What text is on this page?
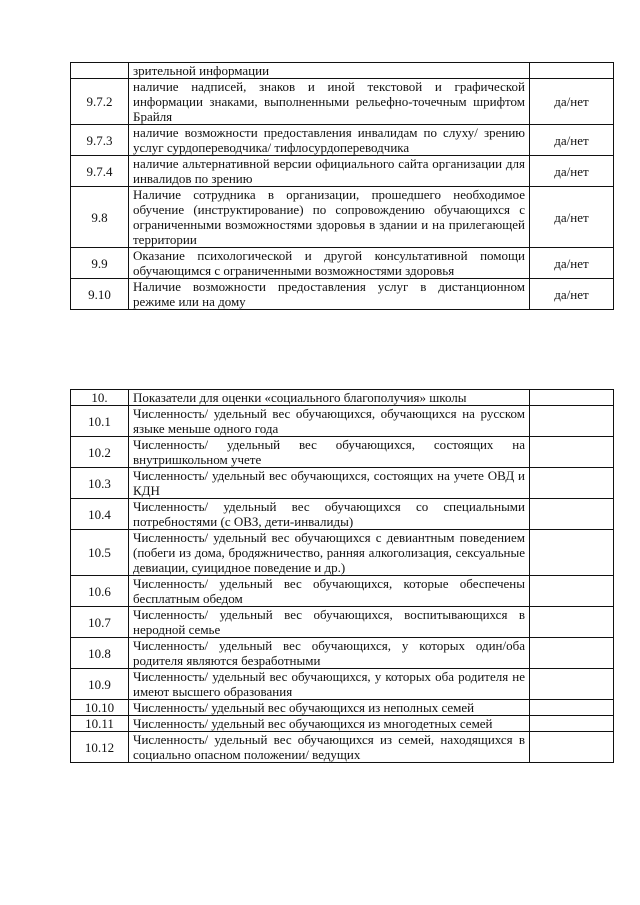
	зрительной информации	
9.7.2	наличие надписей, знаков и иной текстовой и графической информации знаками, выполненными рельефно-точечным шрифтом Брайля	да/нет
9.7.3	наличие возможности предоставления инвалидам по слуху/ зрению услуг сурдопереводчика/ тифлосурдопереводчика	да/нет
9.7.4	наличие альтернативной версии официального сайта организации для инвалидов по зрению	да/нет
9.8	Наличие сотрудника в организации, прошедшего необходимое обучение (инструктирование) по сопровождению обучающихся с ограниченными возможностями здоровья в здании и на прилегающей территории	да/нет
9.9	Оказание психологической и другой консультативной помощи обучающимся с ограниченными возможностями здоровья	да/нет
9.10	Наличие возможности предоставления услуг в дистанционном режиме или на дому	да/нет
10.	Показатели для оценки «социального благополучия» школы	
10.1	Численность/ удельный вес обучающихся, обучающихся на русском языке меньше одного года	
10.2	Численность/ удельный вес обучающихся, состоящих на внутришкольном учете	
10.3	Численность/ удельный вес обучающихся, состоящих на учете ОВД и КДН	
10.4	Численность/ удельный вес обучающихся со специальными потребностями (с ОВЗ, дети-инвалиды)	
10.5	Численность/ удельный вес обучающихся с девиантным поведением (побеги из дома, бродяжничество, ранняя алкоголизация, сексуальные девиации, суицидное поведение и др.)	
10.6	Численность/ удельный вес обучающихся, которые обеспечены бесплатным обедом	
10.7	Численность/ удельный вес обучающихся, воспитывающихся в неродной семье	
10.8	Численность/ удельный вес обучающихся, у которых один/оба родителя являются безработными	
10.9	Численность/ удельный вес обучающихся, у которых оба родителя не имеют высшего образования	
10.10	Численность/ удельный вес обучающихся из неполных семей	
10.11	Численность/ удельный вес обучающихся из многодетных семей	
10.12	Численность/ удельный вес обучающихся из семей, находящихся в социально опасном положении/ ведущих	
